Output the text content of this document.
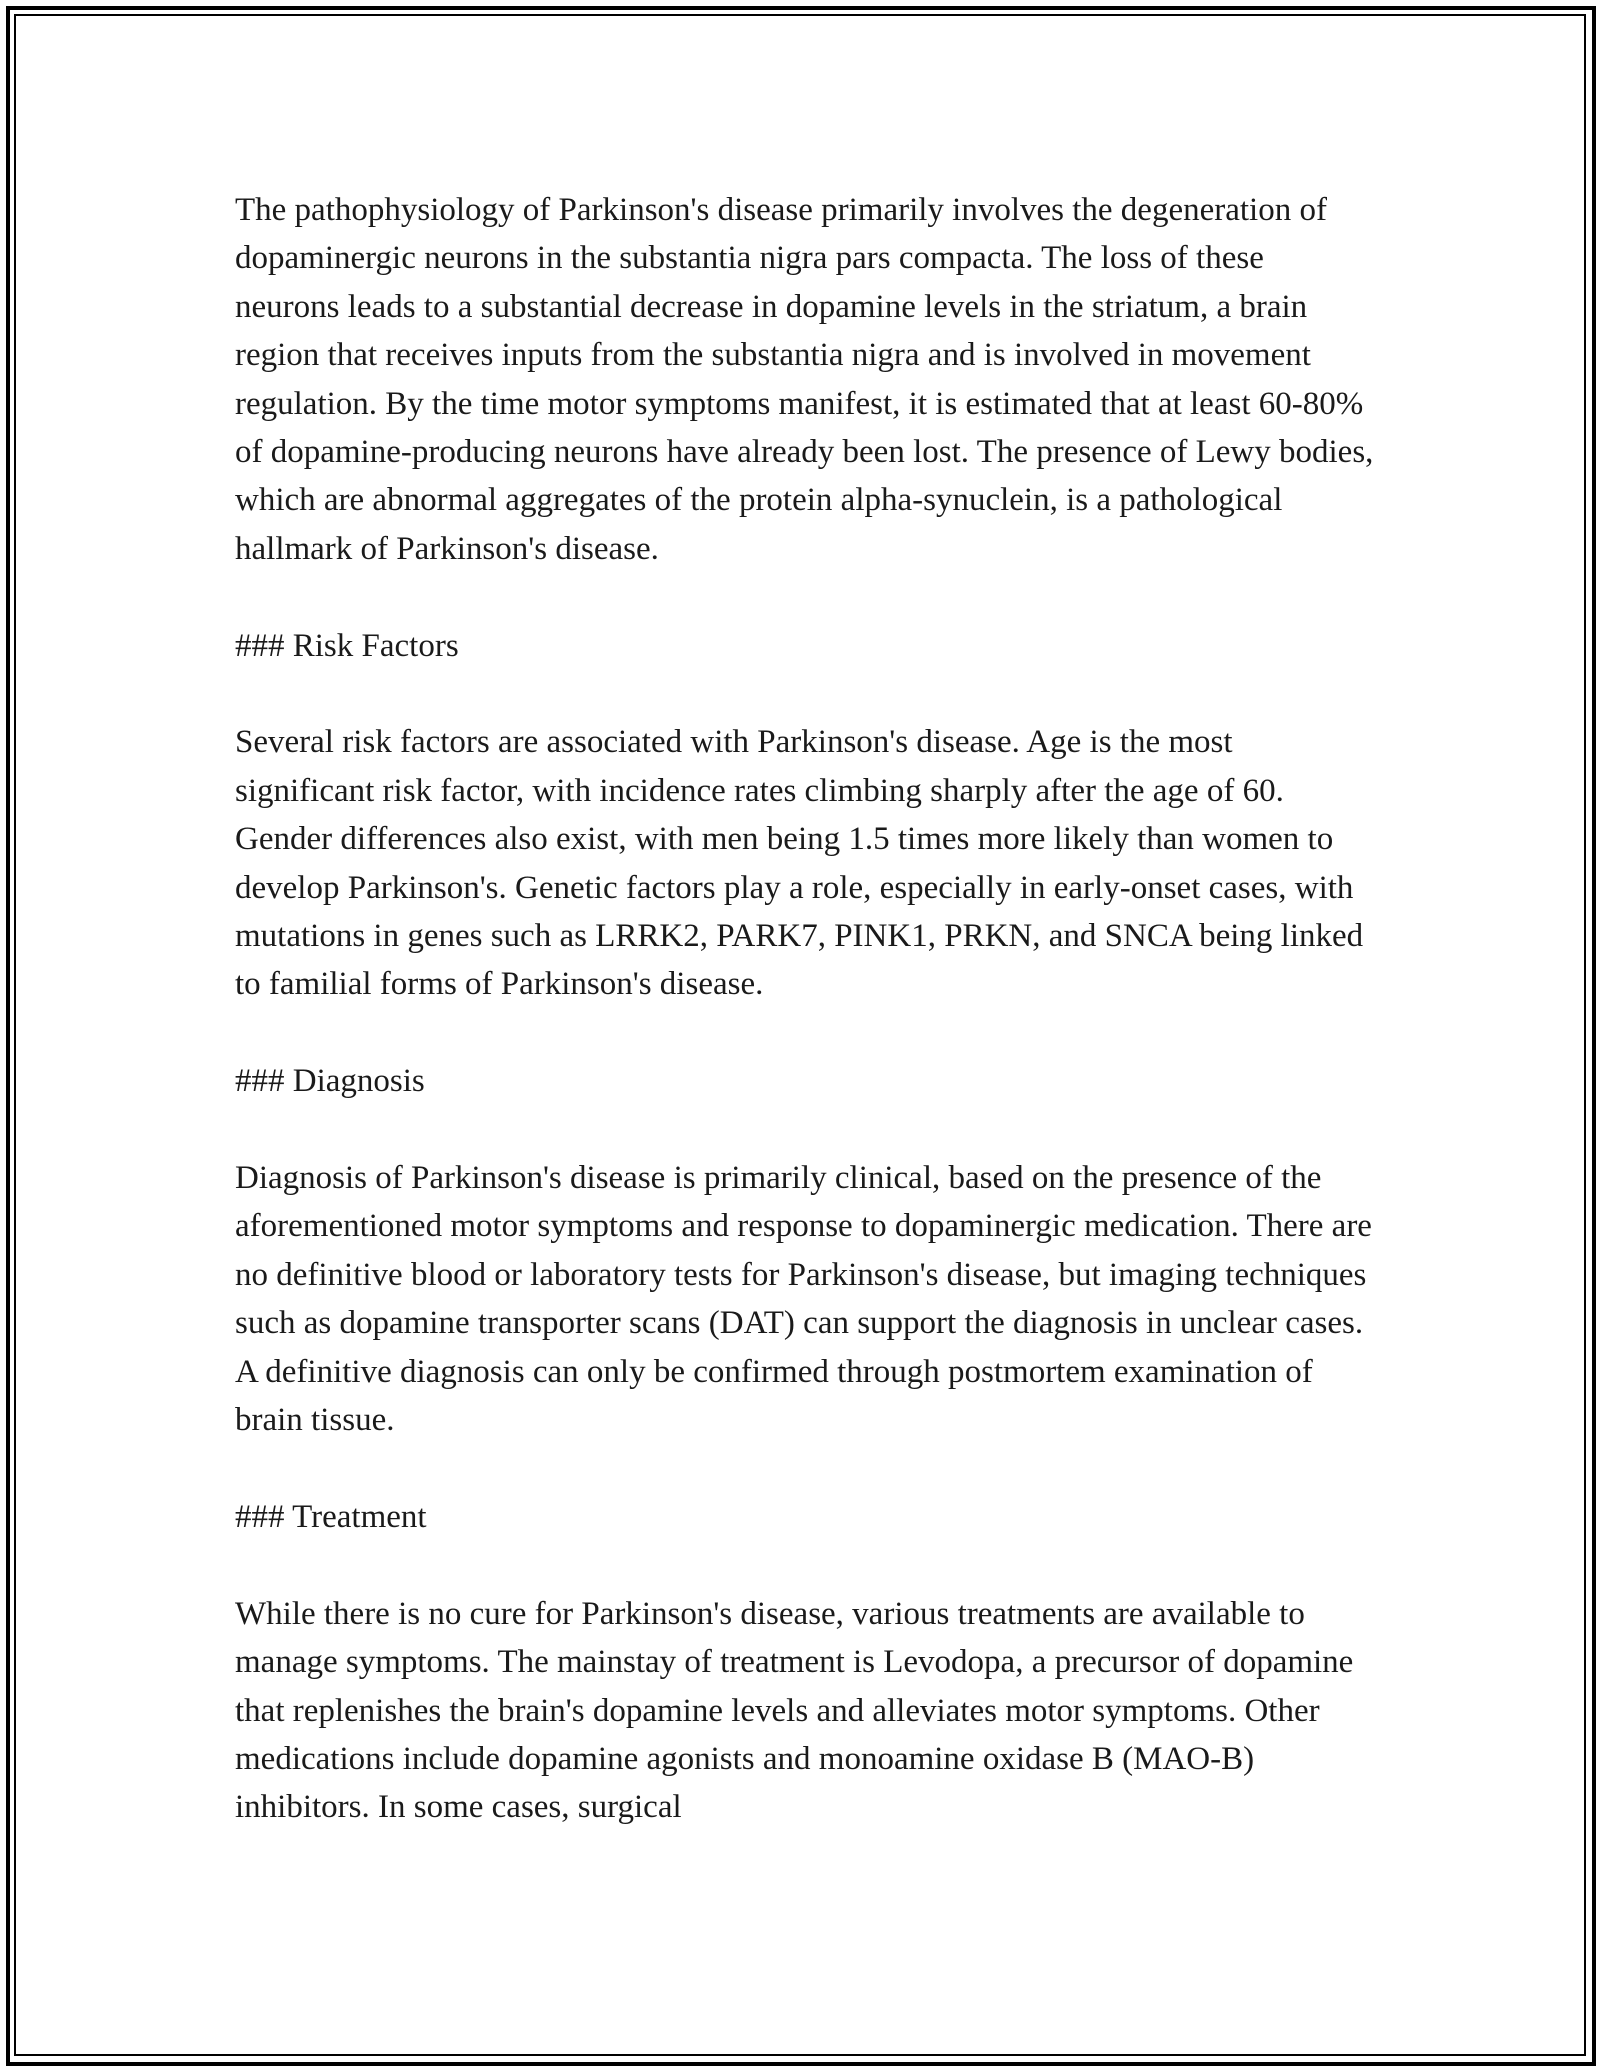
The pathophysiology of Parkinson's disease primarily involves the degeneration of dopaminergic neurons in the substantia nigra pars compacta. The loss of these neurons leads to a substantial decrease in dopamine levels in the striatum, a brain region that receives inputs from the substantia nigra and is involved in movement regulation. By the time motor symptoms manifest, it is estimated that at least 60-80% of dopamine-producing neurons have already been lost. The presence of Lewy bodies, which are abnormal aggregates of the protein alpha-synuclein, is a pathological hallmark of Parkinson's disease.

### Risk Factors

Several risk factors are associated with Parkinson's disease. Age is the most significant risk factor, with incidence rates climbing sharply after the age of 60. Gender differences also exist, with men being 1.5 times more likely than women to develop Parkinson's. Genetic factors play a role, especially in early-onset cases, with mutations in genes such as LRRK2, PARK7, PINK1, PRKN, and SNCA being linked to familial forms of Parkinson's disease.

### Diagnosis

Diagnosis of Parkinson's disease is primarily clinical, based on the presence of the aforementioned motor symptoms and response to dopaminergic medication. There are no definitive blood or laboratory tests for Parkinson's disease, but imaging techniques such as dopamine transporter scans (DAT) can support the diagnosis in unclear cases. A definitive diagnosis can only be confirmed through postmortem examination of brain tissue.

### Treatment

While there is no cure for Parkinson's disease, various treatments are available to manage symptoms. The mainstay of treatment is Levodopa, a precursor of dopamine that replenishes the brain's dopamine levels and alleviates motor symptoms. Other medications include dopamine agonists and monoamine oxidase B (MAO-B) inhibitors. In some cases, surgical
